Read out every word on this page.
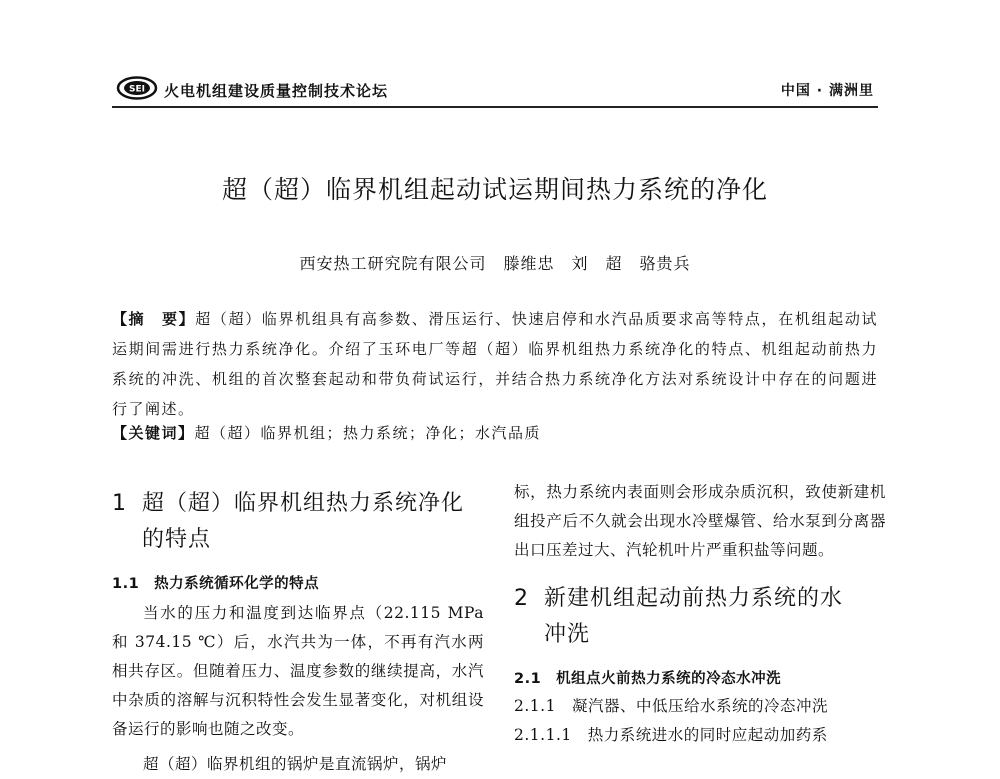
SEI 火电机组建设质量控制技术论坛	中国 · 满洲里
超（超）临界机组起动试运期间热力系统的净化
西安热工研究院有限公司　滕维忠　刘　超　骆贵兵
【摘　要】超（超）临界机组具有高参数、滑压运行、快速启停和水汽品质要求高等特点，在机组起动试运期间需进行热力系统净化。介绍了玉环电厂等超（超）临界机组热力系统净化的特点、机组起动前热力系统的冲洗、机组的首次整套起动和带负荷试运行，并结合热力系统净化方法对系统设计中存在的问题进行了阐述。
【关键词】超（超）临界机组；热力系统；净化；水汽品质
1 超（超）临界机组热力系统净化
的特点
1.1　热力系统循环化学的特点

当水的压力和温度到达临界点（22.115 MPa 和 374.15 ℃）后，水汽共为一体，不再有汽水两相共存区。但随着压力、温度参数的继续提高，水汽中杂质的溶解与沉积特性会发生显著变化，对机组设备运行的影响也随之改变。

超（超）临界机组的锅炉是直流锅炉，锅炉

标，热力系统内表面则会形成杂质沉积，致使新建机组投产后不久就会出现水冷壁爆管、给水泵到分离器出口压差过大、汽轮机叶片严重积盐等问题。

2 新建机组起动前热力系统的水
冲洗
2.1　机组点火前热力系统的冷态水冲洗
2.1.1　凝汽器、中低压给水系统的冷态冲洗
2.1.1.1　热力系统进水的同时应起动加药系
